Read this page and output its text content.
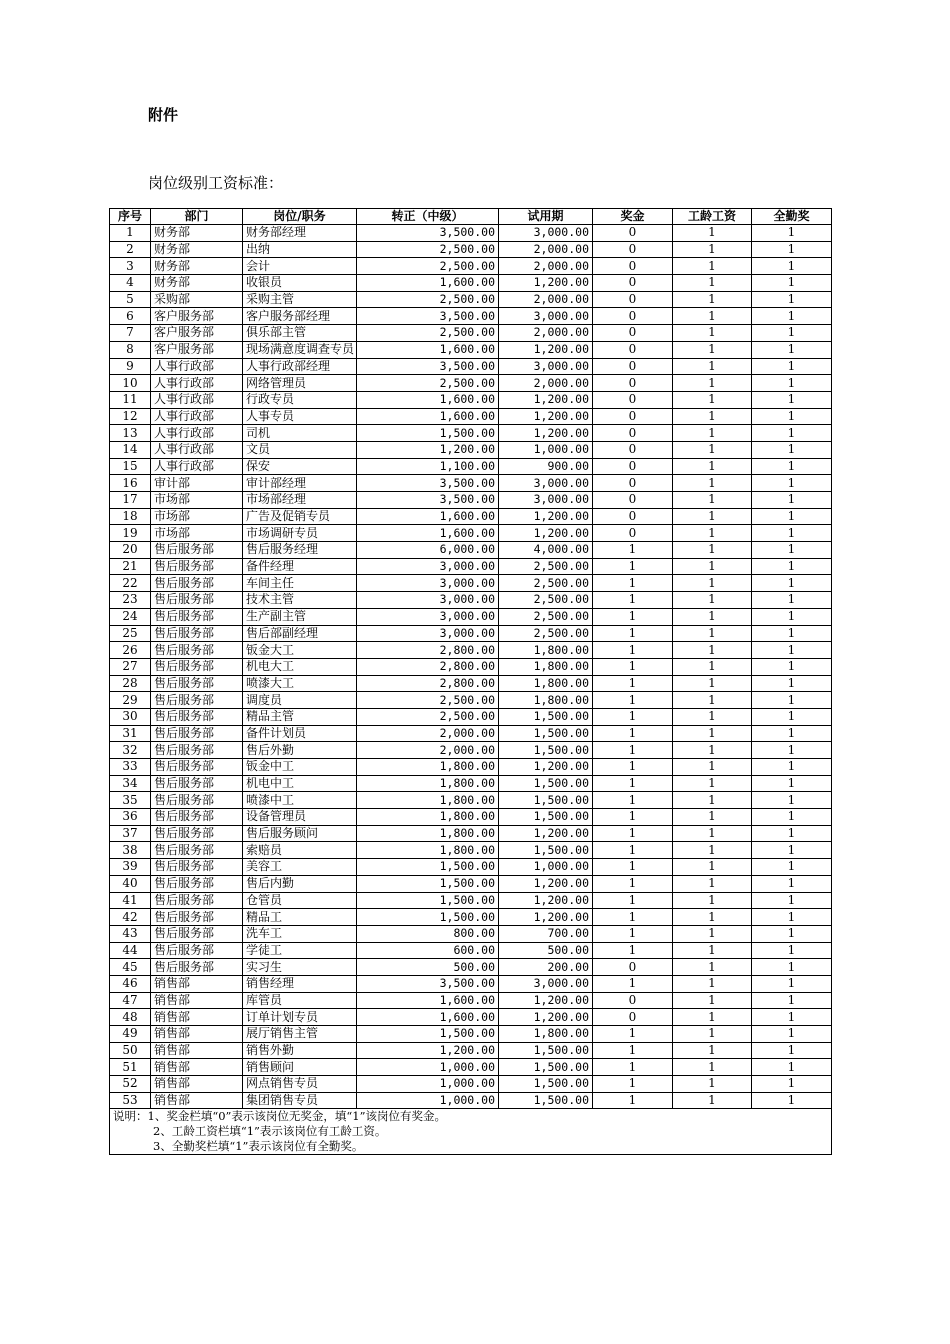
附件
岗位级别工资标准：
序号	部门	岗位/职务	转正（中级）	试用期	奖金	工龄工资	全勤奖
1	财务部	财务部经理	3,500.00	3,000.00	0	1	1
2	财务部	出纳	2,500.00	2,000.00	0	1	1
3	财务部	会计	2,500.00	2,000.00	0	1	1
4	财务部	收银员	1,600.00	1,200.00	0	1	1
5	采购部	采购主管	2,500.00	2,000.00	0	1	1
6	客户服务部	客户服务部经理	3,500.00	3,000.00	0	1	1
7	客户服务部	俱乐部主管	2,500.00	2,000.00	0	1	1
8	客户服务部	现场满意度调查专员	1,600.00	1,200.00	0	1	1
9	人事行政部	人事行政部经理	3,500.00	3,000.00	0	1	1
10	人事行政部	网络管理员	2,500.00	2,000.00	0	1	1
11	人事行政部	行政专员	1,600.00	1,200.00	0	1	1
12	人事行政部	人事专员	1,600.00	1,200.00	0	1	1
13	人事行政部	司机	1,500.00	1,200.00	0	1	1
14	人事行政部	文员	1,200.00	1,000.00	0	1	1
15	人事行政部	保安	1,100.00	900.00	0	1	1
16	审计部	审计部经理	3,500.00	3,000.00	0	1	1
17	市场部	市场部经理	3,500.00	3,000.00	0	1	1
18	市场部	广告及促销专员	1,600.00	1,200.00	0	1	1
19	市场部	市场调研专员	1,600.00	1,200.00	0	1	1
20	售后服务部	售后服务经理	6,000.00	4,000.00	1	1	1
21	售后服务部	备件经理	3,000.00	2,500.00	1	1	1
22	售后服务部	车间主任	3,000.00	2,500.00	1	1	1
23	售后服务部	技术主管	3,000.00	2,500.00	1	1	1
24	售后服务部	生产副主管	3,000.00	2,500.00	1	1	1
25	售后服务部	售后部副经理	3,000.00	2,500.00	1	1	1
26	售后服务部	钣金大工	2,800.00	1,800.00	1	1	1
27	售后服务部	机电大工	2,800.00	1,800.00	1	1	1
28	售后服务部	喷漆大工	2,800.00	1,800.00	1	1	1
29	售后服务部	调度员	2,500.00	1,800.00	1	1	1
30	售后服务部	精品主管	2,500.00	1,500.00	1	1	1
31	售后服务部	备件计划员	2,000.00	1,500.00	1	1	1
32	售后服务部	售后外勤	2,000.00	1,500.00	1	1	1
33	售后服务部	钣金中工	1,800.00	1,200.00	1	1	1
34	售后服务部	机电中工	1,800.00	1,500.00	1	1	1
35	售后服务部	喷漆中工	1,800.00	1,500.00	1	1	1
36	售后服务部	设备管理员	1,800.00	1,500.00	1	1	1
37	售后服务部	售后服务顾问	1,800.00	1,200.00	1	1	1
38	售后服务部	索赔员	1,800.00	1,500.00	1	1	1
39	售后服务部	美容工	1,500.00	1,000.00	1	1	1
40	售后服务部	售后内勤	1,500.00	1,200.00	1	1	1
41	售后服务部	仓管员	1,500.00	1,200.00	1	1	1
42	售后服务部	精品工	1,500.00	1,200.00	1	1	1
43	售后服务部	洗车工	800.00	700.00	1	1	1
44	售后服务部	学徒工	600.00	500.00	1	1	1
45	售后服务部	实习生	500.00	200.00	0	1	1
46	销售部	销售经理	3,500.00	3,000.00	1	1	1
47	销售部	库管员	1,600.00	1,200.00	0	1	1
48	销售部	订单计划专员	1,600.00	1,200.00	0	1	1
49	销售部	展厅销售主管	1,500.00	1,800.00	1	1	1
50	销售部	销售外勤	1,200.00	1,500.00	1	1	1
51	销售部	销售顾问	1,000.00	1,500.00	1	1	1
52	销售部	网点销售专员	1,000.00	1,500.00	1	1	1
53	销售部	集团销售专员	1,000.00	1,500.00	1	1	1

说明：1、奖金栏填“0”表示该岗位无奖金，填“1”该岗位有奖金。
2、工龄工资栏填“1”表示该岗位有工龄工资。
3、全勤奖栏填“1”表示该岗位有全勤奖。							
